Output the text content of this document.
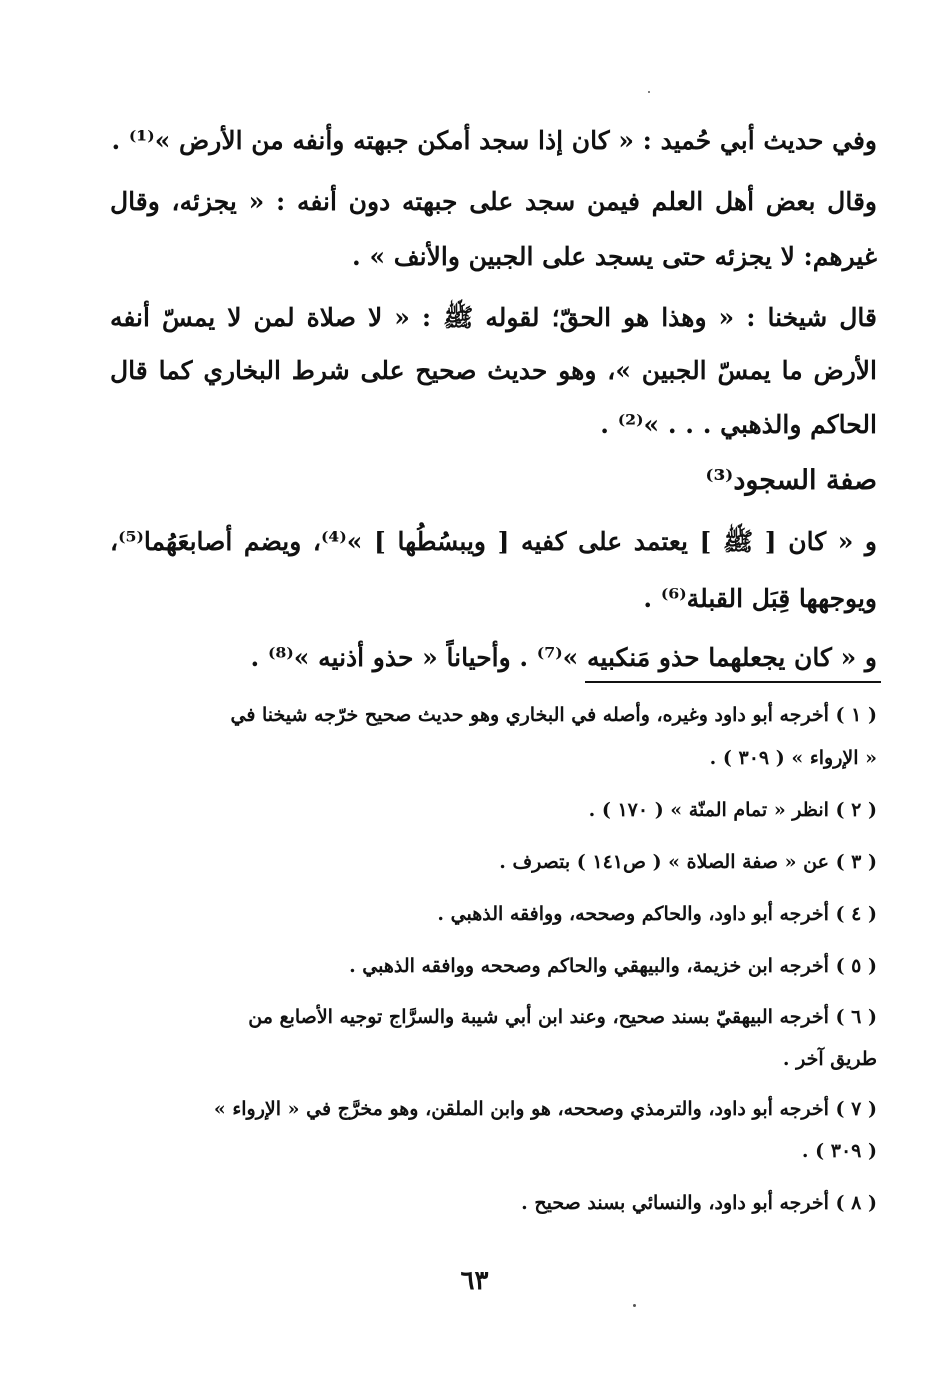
وفي حديث أبي حُميد : « كان إذا سجد أمكن جبهته وأنفه من الأرض »⁽¹⁾ .
وقال بعض أهل العلم فيمن سجد على جبهته دون أنفه : « يجزئه، وقال
غيرهم: لا يجزئه حتى يسجد على الجبين والأنف » .
قال شيخنا : « وهذا هو الحقّ؛ لقوله ﷺ : « لا صلاة لمن لا يمسّ أنفه
الأرض ما يمسّ الجبين »، وهو حديث صحيح على شرط البخاري كما قال
الحاكم والذهبي . . . »⁽²⁾ .
صفة السجود⁽³⁾
و « كان [ ﷺ ] يعتمد على كفيه [ ويبسُطُها ] »⁽⁴⁾، ويضم أصابعَهُما⁽⁵⁾،
ويوجهها قِبَل القبلة⁽⁶⁾ .
و « كان يجعلهما حذو مَنكبيه »⁽⁷⁾ . وأحياناً « حذو أذنيه »⁽⁸⁾ .
( ١ ) أخرجه أبو داود وغيره، وأصله في البخاري وهو حديث صحيح خرّجه شيخنا في
« الإرواء » ( ٣٠٩ ) .
( ٢ ) انظر « تمام المنّة » ( ١٧٠ ) .
( ٣ ) عن « صفة الصلاة » ( ص١٤١ ) بتصرف .
( ٤ ) أخرجه أبو داود، والحاكم وصححه، ووافقه الذهبي .
( ٥ ) أخرجه ابن خزيمة، والبيهقي والحاكم وصححه ووافقه الذهبي .
( ٦ ) أخرجه البيهقيّ بسند صحيح، وعند ابن أبي شيبة والسرَّاج توجيه الأصابع من
طريق آخر .
( ٧ ) أخرجه أبو داود، والترمذي وصححه، هو وابن الملقن، وهو مخرَّج في « الإرواء »
( ٣٠٩ ) .
( ٨ ) أخرجه أبو داود، والنسائي بسند صحيح .
٦٣
